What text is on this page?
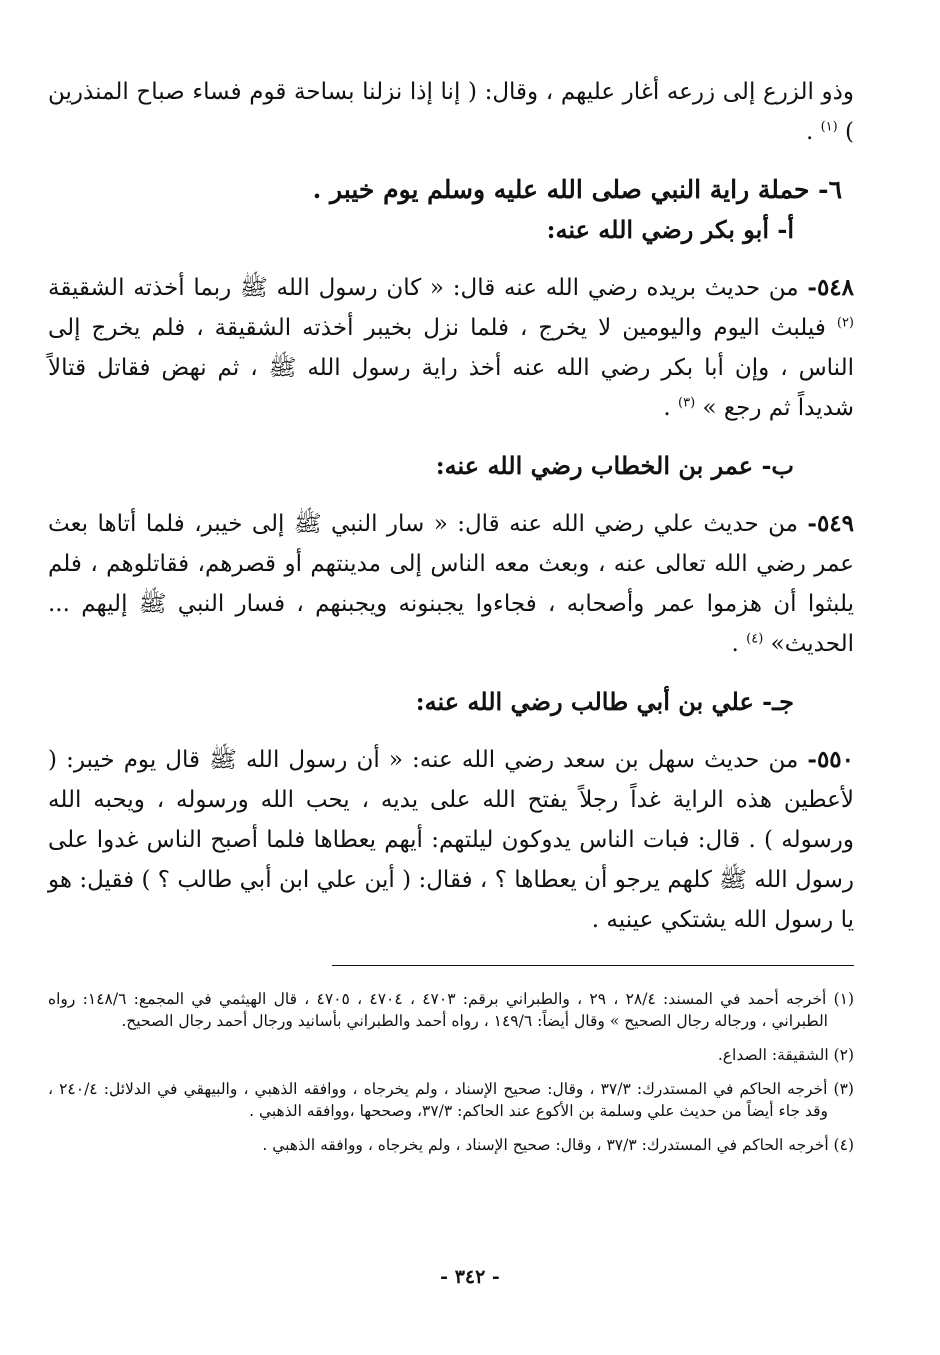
وذو الزرع إلى زرعه أغار عليهم ، وقال: ( إنا إذا نزلنا بساحة قوم فساء صباح المنذرين ) $^{(١)}$ .

٦- حملة راية النبي صلى الله عليه وسلم يوم خيبر .
أ- أبو بكر رضي الله عنه:

٥٤٨- من حديث بريده رضي الله عنه قال: « كان رسول الله ﷺ ربما أخذته الشقيقة $^{(٢)}$ فيلبث اليوم واليومين لا يخرج ، فلما نزل بخيبر أخذته الشقيقة ، فلم يخرج إلى الناس ، وإن أبا بكر رضي الله عنه أخذ راية رسول الله ﷺ ، ثم نهض فقاتل قتالاً شديداً ثم رجع » $^{(٣)}$ .

ب- عمر بن الخطاب رضي الله عنه:

٥٤٩- من حديث علي رضي الله عنه قال: « سار النبي ﷺ إلى خيبر، فلما أتاها بعث عمر رضي الله تعالى عنه ، وبعث معه الناس إلى مدينتهم أو قصرهم، فقاتلوهم ، فلم يلبثوا أن هزموا عمر وأصحابه ، فجاءوا يجبنونه ويجبنهم ، فسار النبي ﷺ إليهم ... الحديث» $^{(٤)}$ .

جـ- علي بن أبي طالب رضي الله عنه:

٥٥٠- من حديث سهل بن سعد رضي الله عنه: « أن رسول الله ﷺ قال يوم خيبر: ( لأعطين هذه الراية غداً رجلاً يفتح الله على يديه ، يحب الله ورسوله ، ويحبه الله ورسوله ) . قال: فبات الناس يدوكون ليلتهم: أيهم يعطاها فلما أصبح الناس غدوا على رسول الله ﷺ كلهم يرجو أن يعطاها ؟ ، فقال: ( أين علي ابن أبي طالب ؟ ) فقيل: هو يا رسول الله يشتكي عينيه .

(١) أخرجه أحمد في المسند: ٢٨/٤ ، ٢٩ ، والطبراني برقم: ٤٧٠٣ ، ٤٧٠٤ ، ٤٧٠٥ ، قال الهيثمي في المجمع: ١٤٨/٦: رواه الطبراني ، ورجاله رجال الصحيح » وقال أيضاً: ١٤٩/٦ ، رواه أحمد والطبراني بأسانيد ورجال أحمد رجال الصحيح.

(٢) الشقيقة: الصداع.

(٣) أخرجه الحاكم في المستدرك: ٣٧/٣ ، وقال: صحيح الإسناد ، ولم يخرجاه ، ووافقه الذهبي ، والبيهقي في الدلائل: ٢٤٠/٤ ، وقد جاء أيضاً من حديث علي وسلمة بن الأكوع عند الحاكم: ٣٧/٣، وصححها ،ووافقه الذهبي .

(٤) أخرجه الحاكم في المستدرك: ٣٧/٣ ، وقال: صحيح الإسناد ، ولم يخرجاه ، ووافقه الذهبي .

- ٣٤٢ -
